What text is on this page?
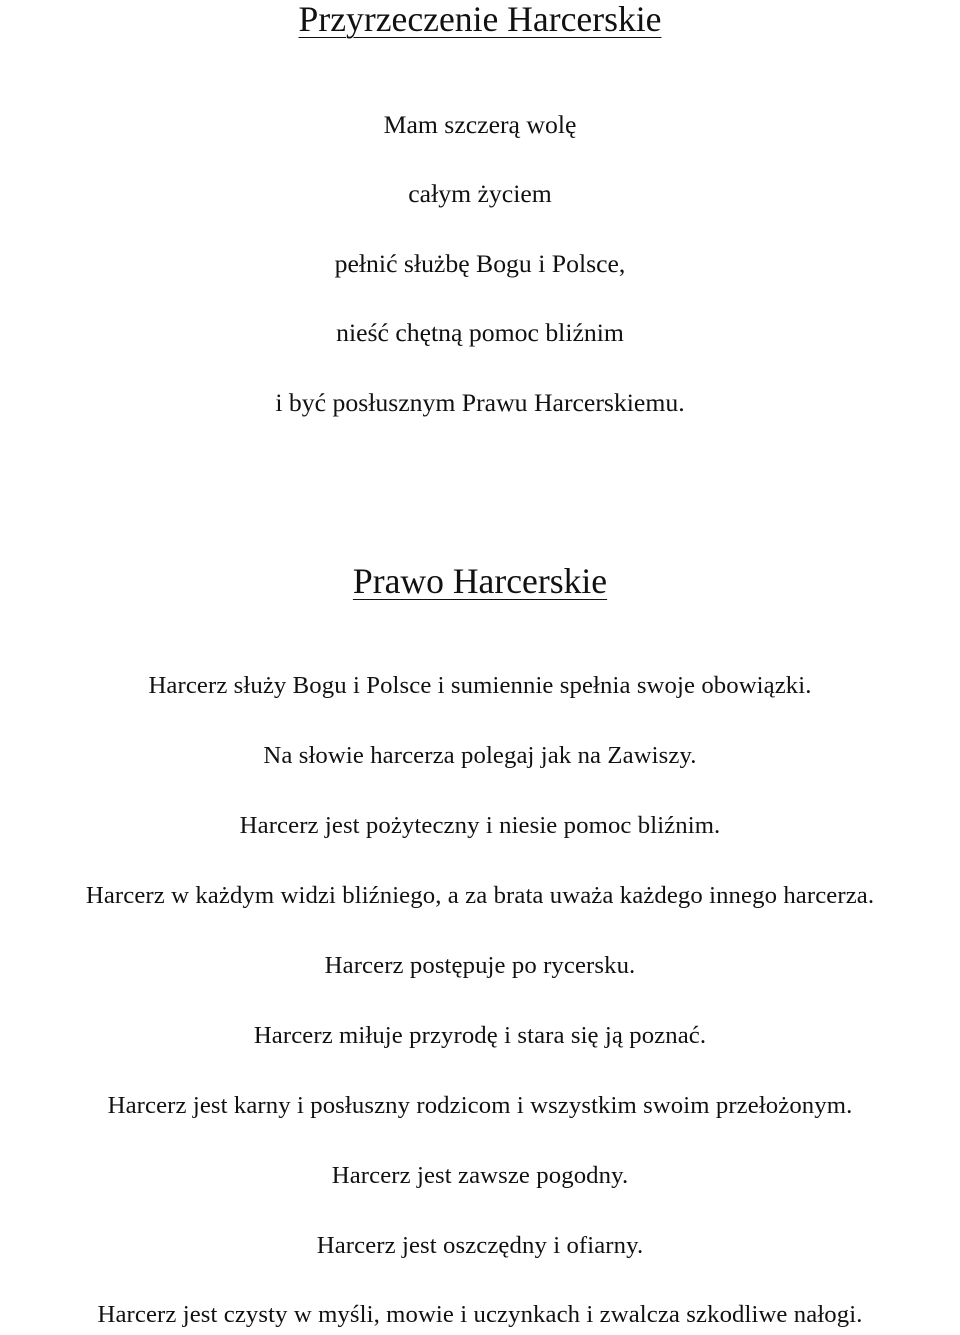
Przyrzeczenie Harcerskie
Mam szczerą wolę
całym życiem
pełnić służbę Bogu i Polsce,
nieść chętną pomoc bliźnim
i być posłusznym Prawu Harcerskiemu.
Prawo Harcerskie
Harcerz służy Bogu i Polsce i sumiennie spełnia swoje obowiązki.
Na słowie harcerza polegaj jak na Zawiszy.
Harcerz jest pożyteczny i niesie pomoc bliźnim.
Harcerz w każdym widzi bliźniego, a za brata uważa każdego innego harcerza.
Harcerz postępuje po rycersku.
Harcerz miłuje przyrodę i stara się ją poznać.
Harcerz jest karny i posłuszny rodzicom i wszystkim swoim przełożonym.
Harcerz jest zawsze pogodny.
Harcerz jest oszczędny i ofiarny.
Harcerz jest czysty w myśli, mowie i uczynkach i zwalcza szkodliwe nałogi.
